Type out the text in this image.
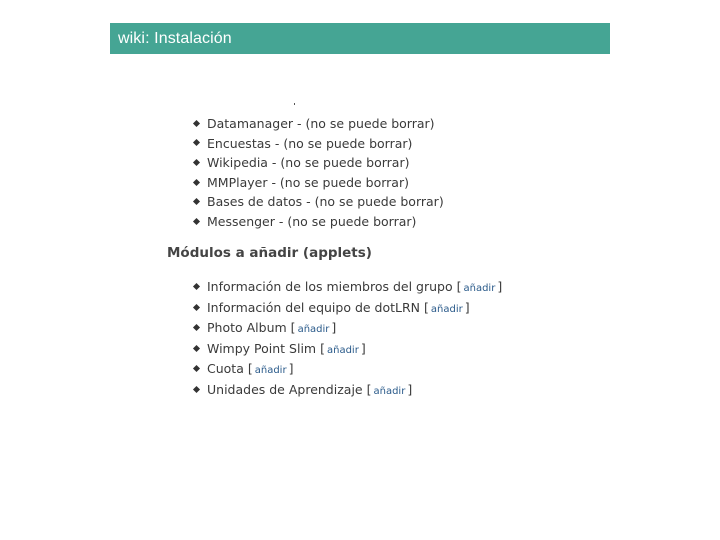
wiki: Instalación
Datamanager - (no se puede borrar)
Encuestas - (no se puede borrar)
Wikipedia - (no se puede borrar)
MMPlayer - (no se puede borrar)
Bases de datos - (no se puede borrar)
Messenger - (no se puede borrar)
Módulos a añadir (applets)
Información de los miembros del grupo [ añadir ]
Información del equipo de dotLRN [ añadir ]
Photo Album [ añadir ]
Wimpy Point Slim [ añadir ]
Cuota [ añadir ]
Unidades de Aprendizaje [ añadir ]
